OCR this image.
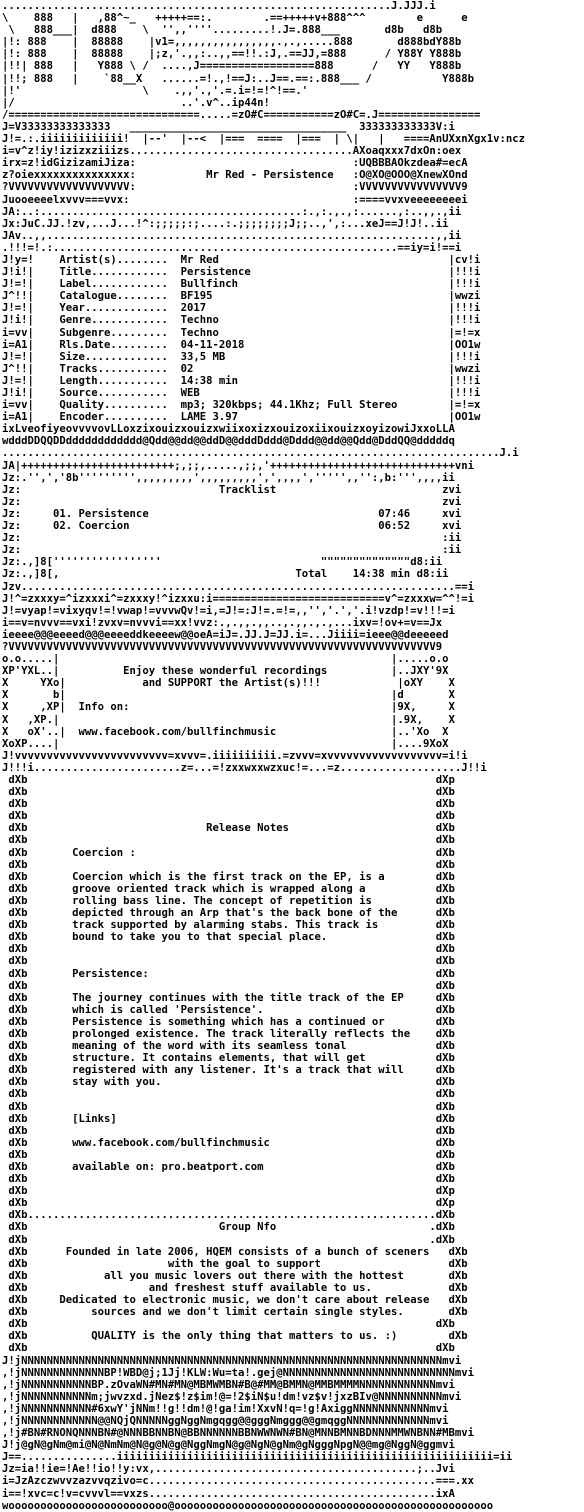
.............................................................J.JJJ.i
\    888   |   ,88^~_   +++++==:.        .==+++++v+888^^^        e      e
\   888___|  d888    \  '',,''''.........!.J=.888___       d8b   d8b
|!: 888    |  88888    |v1=,,,,,,,,,,,,,,,,.,.,.....888       d888bdY88b
|!: 888    |  88888    |;z,'.,,:..,,==!!.:J,.==JJ,=888      / Y88Y Y888b
|!!| 888   |   Y888 \ /  ....,J==================888      /   YY   Y888b
|!!; 888   |    `88__X   ......=!.,!==J:..J==.==:.888___ /           Y888b
|!'                   \    .,,'.,'.=.i=!=!^!==.'
|/                          ..'.v^..ip44n!
/==============================.....=zO#C===========zO#C=.J================
J=V33333333333333   __________________________________  333333333333V:i
J!=.:.iiiiiiiiiiiii!  |--'  |--<  |===  ====  |===  | \|   |   ====AnUXxnXgx1v:ncz
i=v^z!iy!izizxziiizs...................................AXoaqxxx7dxOn:oex
irx=z!idGizizamiJiza:                                  :UQBBBAOkzdea#=ecA
z?oiexxxxxxxxxxxxxxx:           Mr Red - Persistence   :O@XO@OOO@XnewXOnd
?VVVVVVVVVVVVVVVVVVV:                                  :VVVVVVVVVVVVVVVV9
Juooeeeelxvvv===vvx:                                   :====vvxveeeeeeeei
JA:..:.........................................:.,:.,.,:......,:..,,.,ii
Jx:JuC.JJ.!zv,...J...!^:;;;;;:;....:.;;;;;;;;J;;..,',:...xeJ==J!J!..ii
JAv..,,.............................................................,,ii
.!!!=!.:......................................................==iy=i!==i
J!y=!    Artist(s)........  Mr Red                                    |cv!i
J!i!|    Title............  Persistence                               |!!!i
J!=!|    Label............  Bullfinch                                 |!!!i
J^!!|    Catalogue........  BF195                                     |wwzi
J!=!|    Year.............  2017                                      |!!!i
J!i!|    Genre............  Techno                                    |!!!i
i=vv|    Subgenre.........  Techno                                    |=!=x
i=A1|    Rls.Date.........  04-11-2018                                |OO1w
J!=!|    Size.............  33,5 MB                                   |!!!i
J^!!|    Tracks...........  02                                        |wwzi
J!=!|    Length...........  14:38 min                                 |!!!i
J!i!|    Source...........  WEB                                       |!!!i
i=vv|    Quality..........  mp3; 320kbps; 44.1Khz; Full Stereo        |=!=x
i=A1|    Encoder..........  LAME 3.97                                 |OO1w
ixLveofiyeovvvvovLLoxzixouizxouizxwiixoxizxouizoxiixouizxoyizowiJxxoLLA
wdddDDQQDDdddddddddddd@Qdd@@dd@@ddD@@dddDddd@Dddd@@dd@@Qdd@DddQQ@dddddq
..............................................................................J.i
JA|++++++++++++++++++++++++;,;;,.....,;;,'+++++++++++++++++++++++++++++vni
Jz:.'',','8b''''''''',,,,,,,,,',,,,,,,,,',',,,,',''''',,'':,b:''',,,,ii
Jz:                               Tracklist                          zvi
Jz:                                                                  zvi
Jz:     01. Persistence                                    07:46     xvi
Jz:     02. Coercion                                       06:52     xvi
Jz:                                                                  :ii
Jz:                                                                  :ii
Jz:.,]8['''''''''''''''''                         """"""""""""""d8:ii
Jz:.,]8[,                                     Total    14:38 min d8:ii
Jzv....................................................................==i
J!^=zxxxy=^izxxxi^=zxxxy!^izxxu:i===========================v^=zxxxw=^^!=i
J!=vyap!=vixyqv!=!vwap!=vvvwQv!=i,=J!=:J!=.=!=,,'','.','.i!vzdp!=v!!!=i
i==v=nvvv==vxi!zvxv=nvvvi==xx!vvz:.,.,,.,,..,.,,.,.,...ixv=!ov+=v==Jx
ieeee@@@eeeed@@@eeeeddkeeeew@@oeA=iJ=.JJ.J=JJ.i=...Jiiii=ieee@@deeeeed
?VVVVVVVVVVVVVVVVVVVVVVVVVVVVVVVVVVVVVVVVVVVVVVVVVVVVVVVVVVVVVVVVVVV9
o.o.....|                                                    |.....o.o
XP'YXL..|          Enjoy these wonderful recordings          |..JXY'9X
X     YXo|            and SUPPORT the Artist(s)!!!            |oXY    X
X       b|                                                   |d       X
X     ,XP|  Info on:                                         |9X,     X
X   ,XP.|                                                    |.9X,    X
X   oX'..|  www.facebook.com/bullfinchmusic                  |..'Xo  X
XoXP....|                                                    |....9XoX
J!vvvvvvvvvvvvvvvvvvvvvvvv=xvvv=.iiiiiiiiii.=zvvv=xvvvvvvvvvvvvvvvvvv=i!i
J!!!i.......................z=...=!zxxwxxwzxuc!=...=z...................J!!i
dXb                                                                dXp
dXb                                                                dXb
dXb                                                                dXb
dXb                                                                dXb
dXb                            Release Notes                       dXb
dXb                                                                dXb
dXb       Coercion :                                               dXb
dXb                                                                dXb
dXb       Coercion which is the first track on the EP, is a        dXb
dXb       groove oriented track which is wrapped along a           dXb
dXb       rolling bass line. The concept of repetition is          dXb
dXb       depicted through an Arp that's the back bone of the      dXb
dXb       track supported by alarming stabs. This track is         dXb
dXb       bound to take you to that special place.                 dXb
dXb                                                                dXb
dXb                                                                dXb
dXb       Persistence:                                             dXb
dXb                                                                dXb
dXb       The journey continues with the title track of the EP     dXb
dXb       which is called 'Persistence'.                           dXb
dXb       Persistence is something which has a continued or        dXb
dXb       prolonged existence. The track literally reflects the    dXb
dXb       meaning of the word with its seamless tonal              dXb
dXb       structure. It contains elements, that will get           dXb
dXb       registered with any listener. It's a track that will     dXb
dXb       stay with you.                                           dXb
dXb                                                                dXb
dXb                                                                dXb
dXb       [Links]                                                  dXb
dXb                                                                dXb
dXb       www.facebook.com/bullfinchmusic                          dXb
dXb                                                                dXb
dXb       available on: pro.beatport.com                           dXb
dXb                                                                dXb
dXb                                                                dXp
dXb                                                                dXp
dXb................................................................dXb
dXb                              Group Nfo                        .dXb
dXb                                                               .dXb
dXb      Founded in late 2006, HQEM consists of a bunch of sceners   dXb
dXb                      with the goal to support                    dXb
dXb            all you music lovers out there with the hottest       dXb
dXb                   and freshest stuff available to us.            dXb
dXb     Dedicated to electronic music, we don't care about release   dXb
dXb          sources and we don't limit certain single styles.       dXb
dXb                                                                dXb
dXb          QUALITY is the only thing that matters to us. :)        dXb
dXb                                                                dXb
J!jNNNNNNNNNNNNNNNNNNNNNNNNNNNNNNNNNNNNNNNNNNNNNNNNNNNNNNNNNNNNNNNNNNmvi
,!jNNNNNNNNNNNNNBP!WBD@j;1Jj!KLW:Wu=ta!.gej@NNNNNNNNNNNNNNNNNNNNNNNNNNNmvi
,!jNNNNNNNNNNNBP.zOvaWN#MN#MN@MBMWMBN#B@#MM@BMMN@MMBMMMMNNNNNNNNNNNNmvi
,!jNNNNNNNNNNNm;jwvzxd.jNez$!z$im!@=!2$iN$u!dm!vz$v!jxzBIv@NNNNNNNNNNmvi
,!jNNNNNNNNNNN#6xwY'jNNm!!g!!dm!@!ga!im!XxvN!q=!g!AxiggNNNNNNNNNNNNmvi
,!jNNNNNNNNNNNN@@NQjQNNNNNggNggNmgqgg@@gggNmggg@@gmqggNNNNNNNNNNNNNmvi
,!j#BN#RNONQNNNBN#@NNNBBNNBN@BBNNNNNNBBNWWNWN#BN@MNNBMNNBDNNNMMWNBNN#MBmvi
J!j@gN@gNm@mi@N@NmNm@N@g@N@g@NggNmgN@g@NgN@gNm@gNgggNpgN@@mg@NggN@ggmvi
J==...............iiiiiiiiiiiiiiiiiiiiiiiiiiiiiiiiiiiiiiiiiiiiiiiiiiiiiiiiiii=ii
Jz=ia!!ie=!Ae!!io!!y:vx,.........................................;..Jvi
i=JzAzczwvvzazvvqzivo=c.............................................===.xx
i==!xvc=c!v=cvvvl==vxzs.............................................ixA
wooooooooooooooooooooooooo@oooooooooooooooooooooooooooooooooooooooooooooooooo
